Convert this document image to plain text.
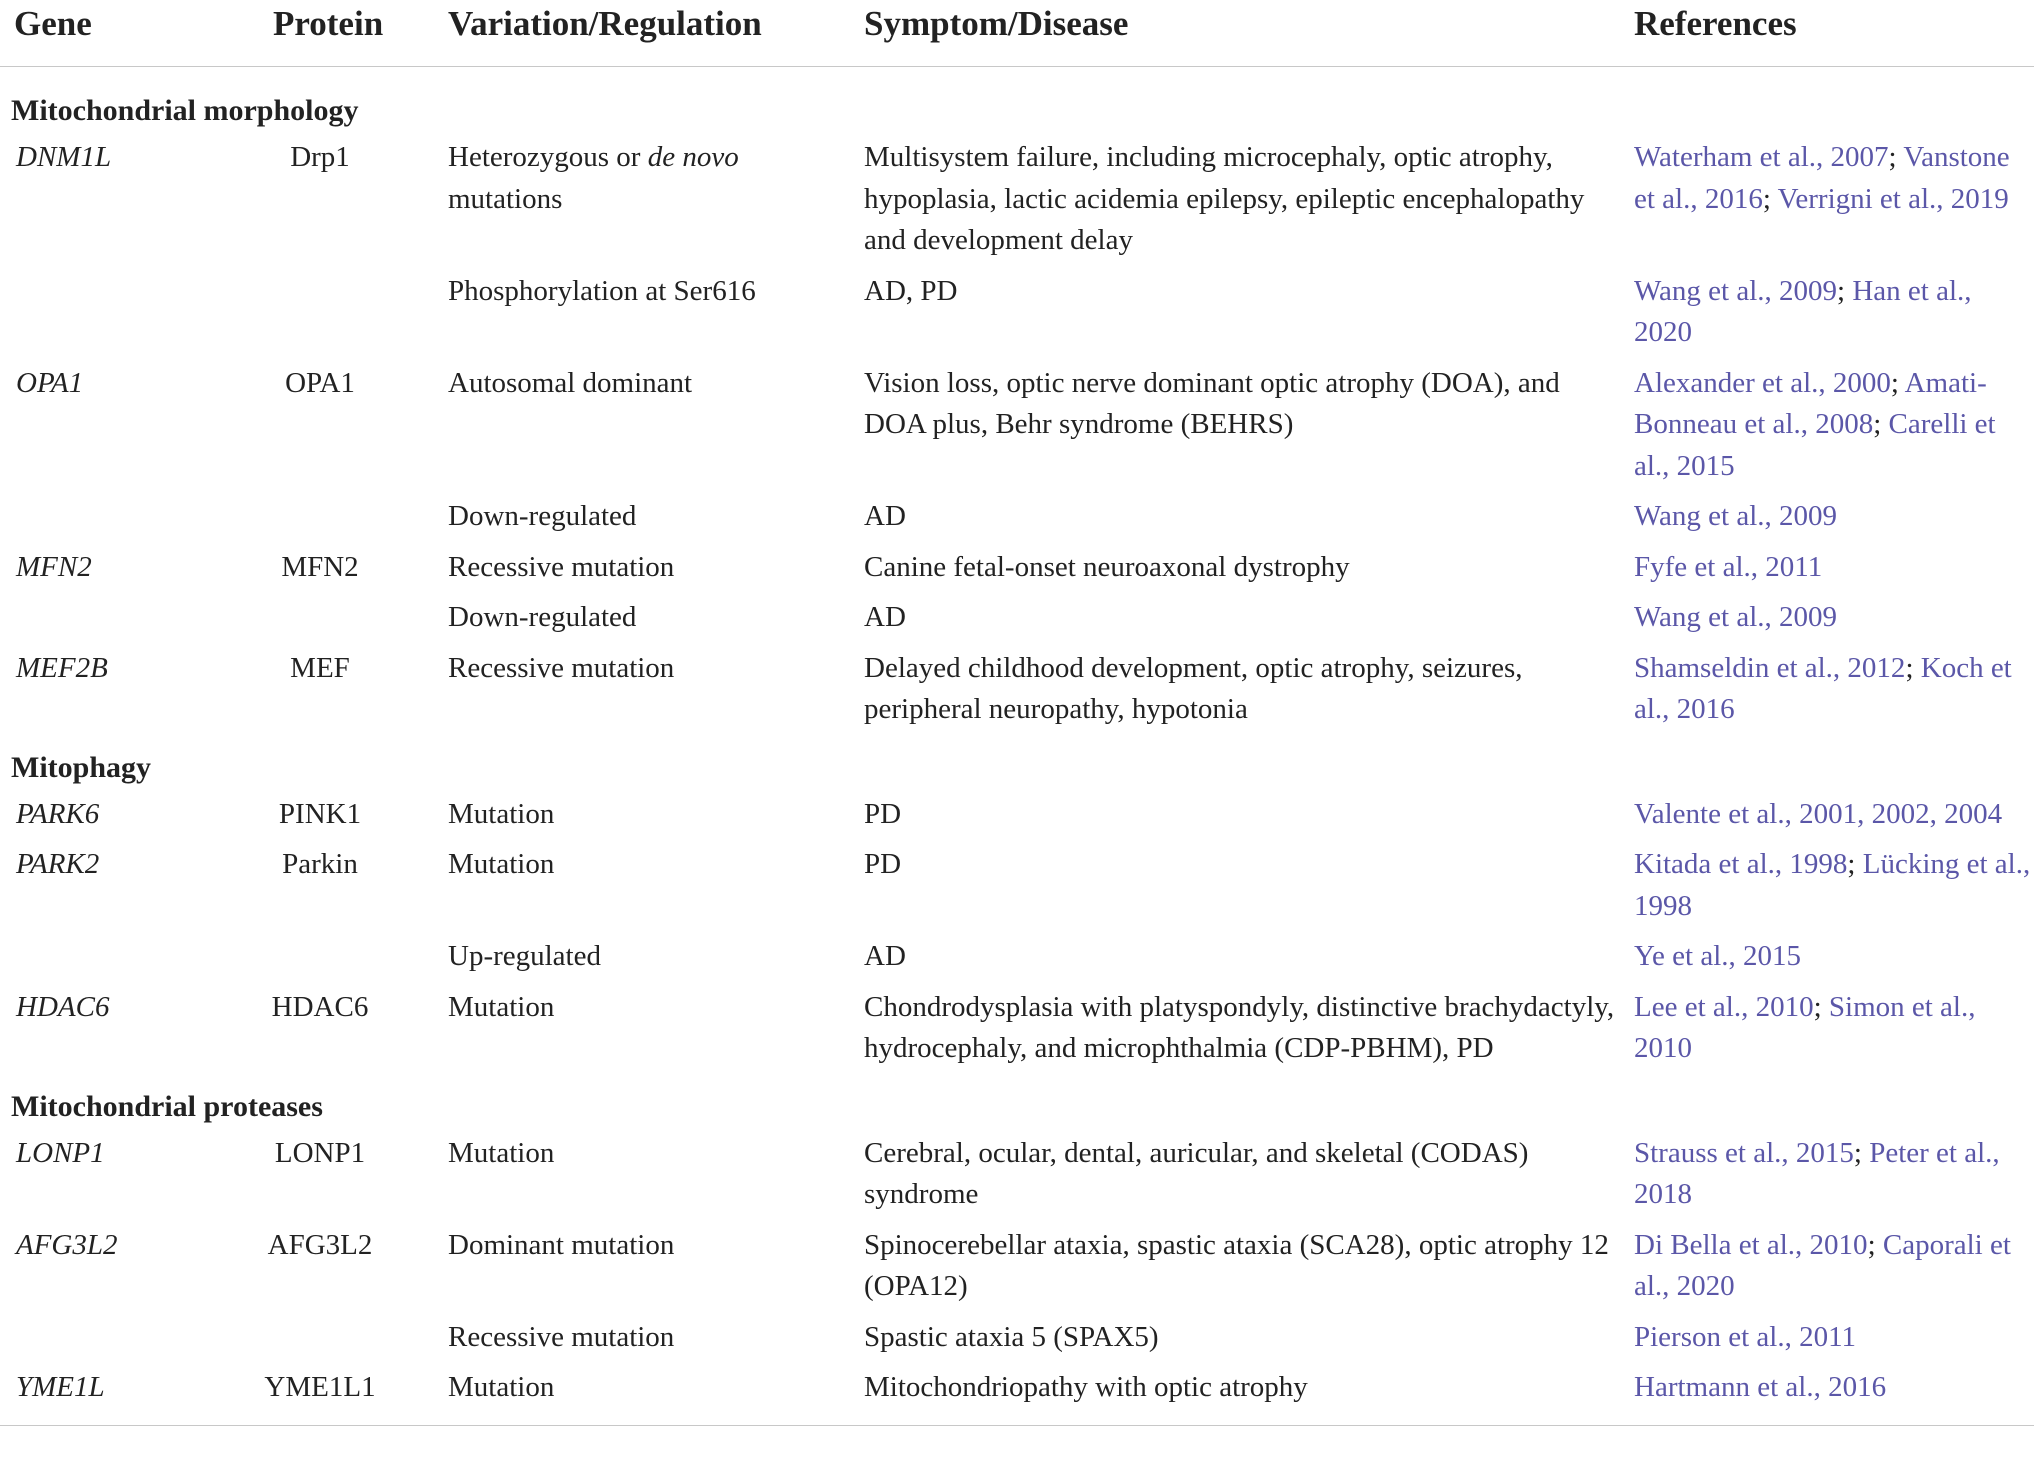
Gene	Protein	Variation/Regulation	Symptom/Disease	References
Mitochondrial morphology				
DNM1L	Drp1	Heterozygous or de novo mutations	Multisystem failure, including microcephaly, optic atrophy, hypoplasia, lactic acidemia epilepsy, epileptic encephalopathy and development delay	Waterham et al., 2007; Vanstone et al., 2016; Verrigni et al., 2019
		Phosphorylation at Ser616	AD, PD	Wang et al., 2009; Han et al., 2020
OPA1	OPA1	Autosomal dominant	Vision loss, optic nerve dominant optic atrophy (DOA), and DOA plus, Behr syndrome (BEHRS)	Alexander et al., 2000; Amati-Bonneau et al., 2008; Carelli et al., 2015
		Down-regulated	AD	Wang et al., 2009
MFN2	MFN2	Recessive mutation	Canine fetal-onset neuroaxonal dystrophy	Fyfe et al., 2011
		Down-regulated	AD	Wang et al., 2009
MEF2B	MEF	Recessive mutation	Delayed childhood development, optic atrophy, seizures, peripheral neuropathy, hypotonia	Shamseldin et al., 2012; Koch et al., 2016
Mitophagy				
PARK6	PINK1	Mutation	PD	Valente et al., 2001, 2002, 2004
PARK2	Parkin	Mutation	PD	Kitada et al., 1998; Lücking et al., 1998
		Up-regulated	AD	Ye et al., 2015
HDAC6	HDAC6	Mutation	Chondrodysplasia with platyspondyly, distinctive brachydactyly, hydrocephaly, and microphthalmia (CDP-PBHM), PD	Lee et al., 2010; Simon et al., 2010
Mitochondrial proteases				
LONP1	LONP1	Mutation	Cerebral, ocular, dental, auricular, and skeletal (CODAS) syndrome	Strauss et al., 2015; Peter et al., 2018
AFG3L2	AFG3L2	Dominant mutation	Spinocerebellar ataxia, spastic ataxia (SCA28), optic atrophy 12 (OPA12)	Di Bella et al., 2010; Caporali et al., 2020
		Recessive mutation	Spastic ataxia 5 (SPAX5)	Pierson et al., 2011
YME1L	YME1L1	Mutation	Mitochondriopathy with optic atrophy	Hartmann et al., 2016
